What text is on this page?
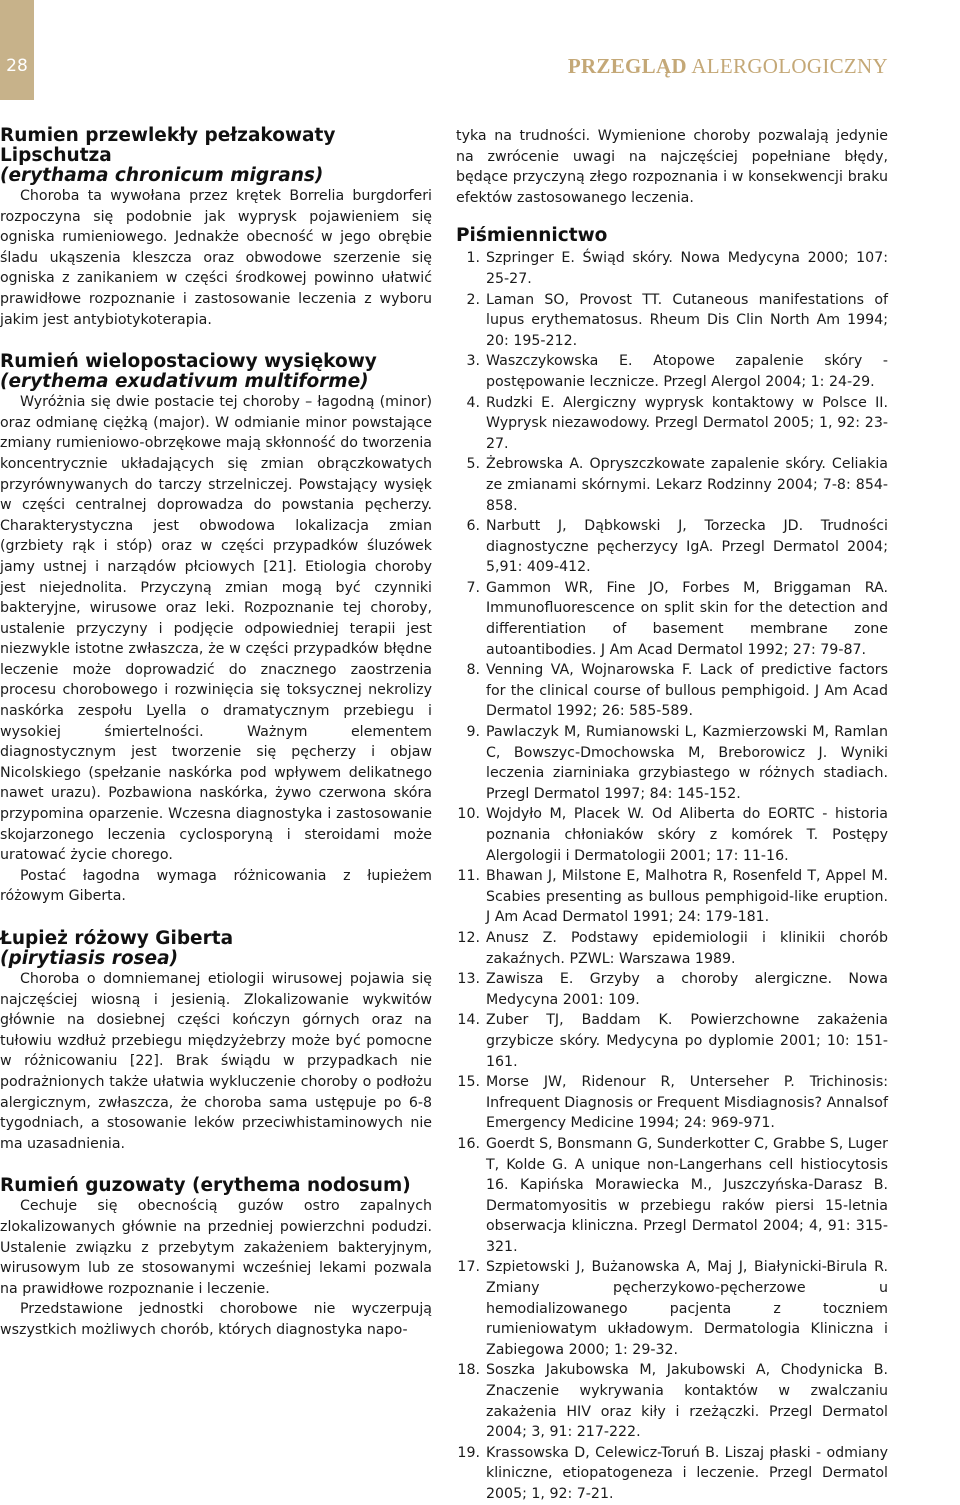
28	PRZEGLĄD ALERGOLOGICZNY
Rumien przewlekły pełzakowaty
Lipschutza
(erythama chronicum migrans)

Choroba ta wywołana przez krętek Borrelia burgdorferi rozpoczyna się podobnie jak wyprysk pojawieniem się ogniska rumieniowego. Jednakże obecność w jego obrębie śladu ukąszenia kleszcza oraz obwodowe szerzenie się ogniska z zanikaniem w części środkowej powinno ułatwić prawidłowe rozpoznanie i zastosowanie leczenia z wyboru jakim jest antybiotykoterapia.

Rumień wielopostaciowy wysiękowy
(erythema exudativum multiforme)

Wyróżnia się dwie postacie tej choroby – łagodną (minor) oraz odmianę ciężką (major). W odmianie minor powstające zmiany rumieniowo-obrzękowe mają skłonność do tworzenia koncentrycznie układających się zmian obrączkowatych przyrównywanych do tarczy strzelniczej. Powstający wysięk w części centralnej doprowadza do powstania pęcherzy. Charakterystyczna jest obwodowa lokalizacja zmian (grzbiety rąk i stóp) oraz w części przypadków śluzówek jamy ustnej i narządów płciowych [21]. Etiologia choroby jest niejednolita. Przyczyną zmian mogą być czynniki bakteryjne, wirusowe oraz leki. Rozpoznanie tej choroby, ustalenie przyczyny i podjęcie odpowiedniej terapii jest niezwykle istotne zwłaszcza, że w części przypadków błędne leczenie może doprowadzić do znacznego zaostrzenia procesu chorobowego i rozwinięcia się toksycznej nekrolizy naskórka zespołu Lyella o dramatycznym przebiegu i wysokiej śmiertelności. Ważnym elementem diagnostycznym jest tworzenie się pęcherzy i objaw Nicolskiego (spełzanie naskórka pod wpływem delikatnego nawet urazu). Pozbawiona naskórka, żywo czerwona skóra przypomina oparzenie. Wczesna diagnostyka i zastosowanie skojarzonego leczenia cyclosporyną i steroidami może uratować życie chorego.

Postać łagodna wymaga różnicowania z łupieżem różowym Giberta.

Łupież różowy Giberta
(pirytiasis rosea)

Choroba o domniemanej etiologii wirusowej pojawia się najczęściej wiosną i jesienią. Zlokalizowanie wykwitów głównie na dosiebnej części kończyn górnych oraz na tułowiu wzdłuż przebiegu międzyżebrzy może być pomocne w różnicowaniu [22]. Brak świądu w przypadkach nie podrażnionych także ułatwia wykluczenie choroby o podłożu alergicznym, zwłaszcza, że choroba sama ustępuje po 6-8 tygodniach, a stosowanie leków przeciwhistaminowych nie ma uzasadnienia.

Rumień guzowaty (erythema nodosum)

Cechuje się obecnością guzów ostro zapalnych zlokalizowanych głównie na przedniej powierzchni podudzi. Ustalenie związku z przebytym zakażeniem bakteryjnym, wirusowym lub ze stosowanymi wcześniej lekami pozwala na prawidłowe rozpoznanie i leczenie.

Przedstawione jednostki chorobowe nie wyczerpują wszystkich możliwych chorób, których diagnostyka napo-

tyka na trudności. Wymienione choroby pozwalają jedynie na zwrócenie uwagi na najczęściej popełniane błędy, będące przyczyną złego rozpoznania i w konsekwencji braku efektów zastosowanego leczenia.

Piśmiennictwo
1. Szpringer E. Świąd skóry. Nowa Medycyna 2000; 107: 25-27.
2. Laman SO, Provost TT. Cutaneous manifestations of lupus erythematosus. Rheum Dis Clin North Am 1994; 20: 195-212.
3. Waszczykowska E. Atopowe zapalenie skóry - postępowanie lecznicze. Przegl Alergol 2004; 1: 24-29.
4. Rudzki E. Alergiczny wyprysk kontaktowy w Polsce II. Wyprysk niezawodowy. Przegl Dermatol 2005; 1, 92: 23-27.
5. Żebrowska A. Opryszczkowate zapalenie skóry. Celiakia ze zmianami skórnymi. Lekarz Rodzinny 2004; 7-8: 854-858.
6. Narbutt J, Dąbkowski J, Torzecka JD. Trudności diagnostyczne pęcherzycy IgA. Przegl Dermatol 2004; 5,91: 409-412.
7. Gammon WR, Fine JO, Forbes M, Briggaman RA. Immunofluorescence on split skin for the detection and differentiation of basement membrane zone autoantibodies. J Am Acad Dermatol 1992; 27: 79-87.
8. Venning VA, Wojnarowska F. Lack of predictive factors for the clinical course of bullous pemphigoid. J Am Acad Dermatol 1992; 26: 585-589.
9. Pawlaczyk M, Rumianowski L, Kazmierzowski M, Ramlan C, Bowszyc-Dmochowska M, Breborowicz J. Wyniki leczenia ziarniniaka grzybiastego w różnych stadiach. Przegl Dermatol 1997; 84: 145-152.
10. Wojdyło M, Placek W. Od Aliberta do EORTC - historia poznania chłoniaków skóry z komórek T. Postępy Alergologii i Dermatologii 2001; 17: 11-16.
11. Bhawan J, Milstone E, Malhotra R, Rosenfeld T, Appel M. Scabies presenting as bullous pemphigoid-like eruption. J Am Acad Dermatol 1991; 24: 179-181.
12. Anusz Z. Podstawy epidemiologii i klinikii chorób zakaźnych. PZWL: Warszawa 1989.
13. Zawisza E. Grzyby a choroby alergiczne. Nowa Medycyna 2001: 109.
14. Zuber TJ, Baddam K. Powierzchowne zakażenia grzybicze skóry. Medycyna po dyplomie 2001; 10: 151-161.
15. Morse JW, Ridenour R, Unterseher P. Trichinosis: Infrequent Diagnosis or Frequent Misdiagnosis? Annalsof Emergency Medicine 1994; 24: 969-971.
16. Goerdt S, Bonsmann G, Sunderkotter C, Grabbe S, Luger T, Kolde G. A unique non-Langerhans cell histiocytosis 16. Kapińska Morawiecka M., Juszczyńska-Darasz B. Dermatomyositis w przebiegu raków piersi 15-letnia obserwacja kliniczna. Przegl Dermatol 2004; 4, 91: 315-321.
17. Szpietowski J, Bużanowska A, Maj J, Białynicki-Birula R. Zmiany pęcherzykowo-pęcherzowe u hemodializowanego pacjenta z toczniem rumieniowatym układowym. Dermatologia Kliniczna i Zabiegowa 2000; 1: 29-32.
18. Soszka Jakubowska M, Jakubowski A, Chodynicka B. Znaczenie wykrywania kontaktów w zwalczaniu zakażenia HIV oraz kiły i rzeżączki. Przegl Dermatol 2004; 3, 91: 217-222.
19. Krassowska D, Celewicz-Toruń B. Liszaj płaski - odmiany kliniczne, etiopatogeneza i leczenie. Przegl Dermatol 2005; 1, 92: 7-21.
